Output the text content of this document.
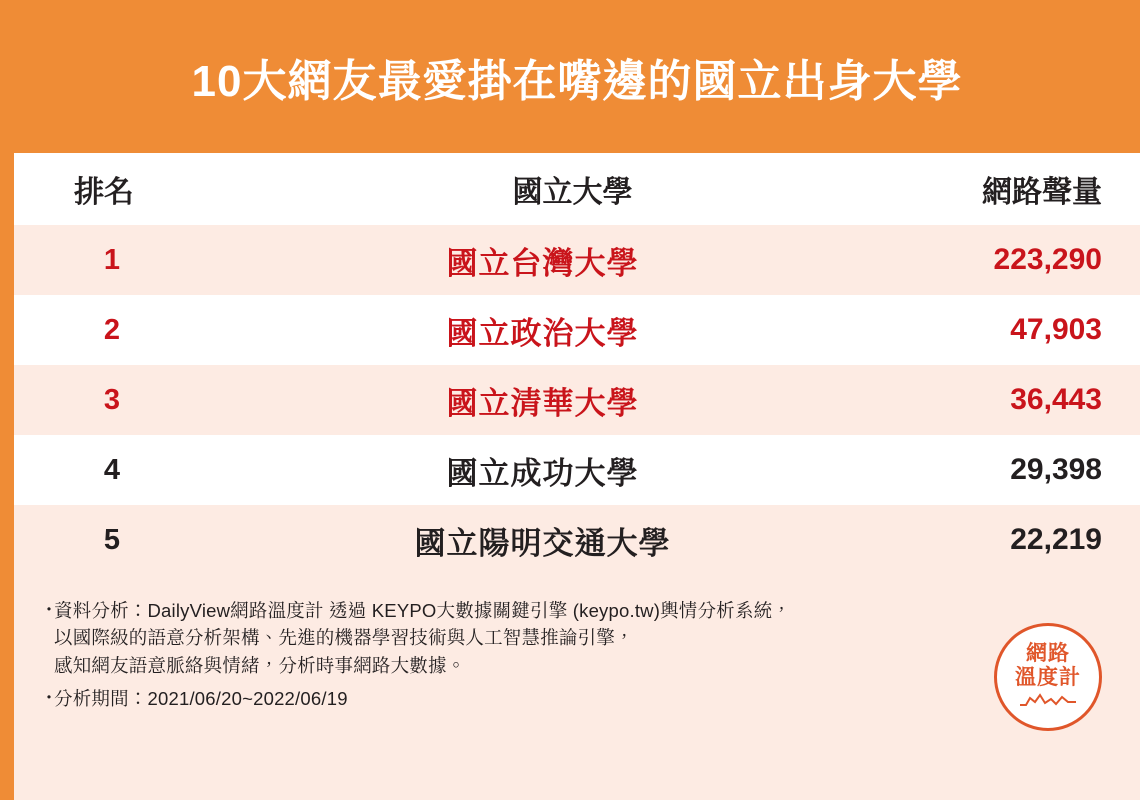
10大網友最愛掛在嘴邊的國立出身大學
排名	國立大學	網路聲量
1	國立台灣大學	223,290
2	國立政治大學	47,903
3	國立清華大學	36,443
4	國立成功大學	29,398
5	國立陽明交通大學	22,219
・
資料分析：DailyView網路溫度計 透過 KEYPO大數據關鍵引擎 (keypo.tw)輿情分析系統，
以國際級的語意分析架構、先進的機器學習技術與人工智慧推論引擎，
感知網友語意脈絡與情緒，分析時事網路大數據。
・
分析期間：2021/06/20~2022/06/19
網路
溫度計
